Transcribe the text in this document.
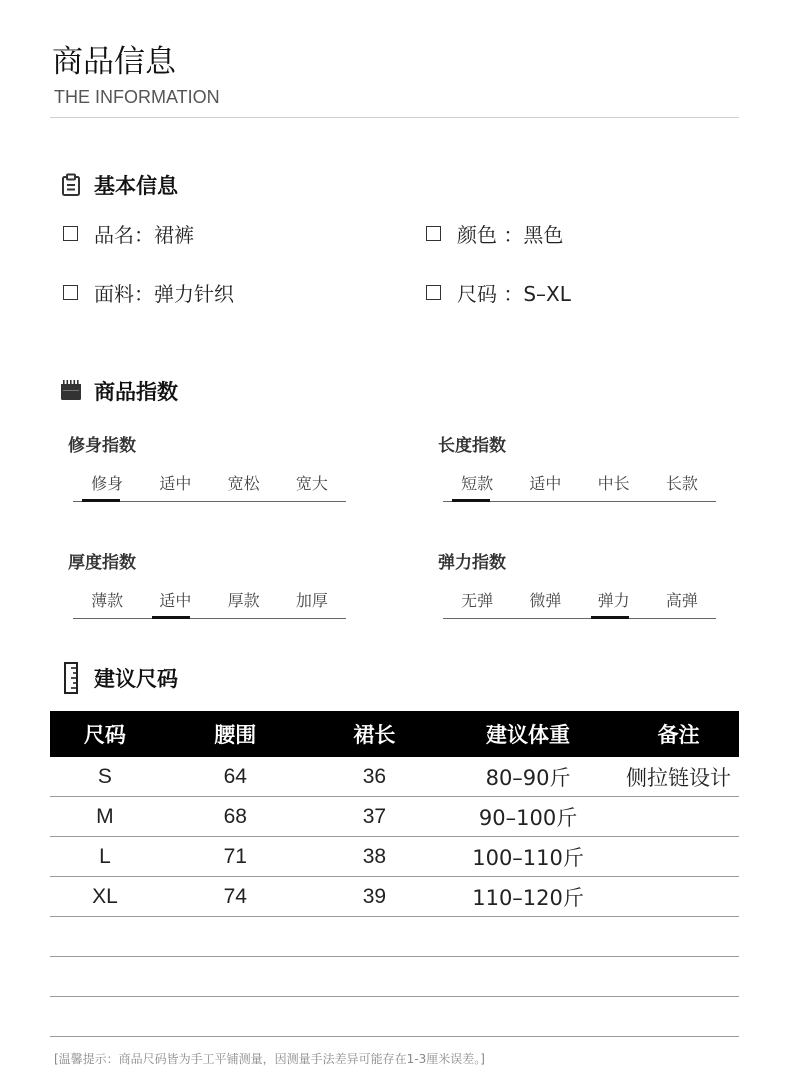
商品信息
THE INFORMATION
基本信息
品名：裙裤	颜色 ：黑色
面料：弹力针织	尺码 ：S–XL
商品指数
修身指数
修身	适中	宽松	宽大
长度指数
短款	适中	中长	长款
厚度指数
薄款	适中	厚款	加厚
弹力指数
无弹	微弹	弹力	高弹
建议尺码
尺码	腰围	裙长	建议体重	备注
S	64	36	80–90斤	侧拉链设计
M	68	37	90–100斤	
L	71	38	100–110斤	
XL	74	39	110–120斤	

[温馨提示：商品尺码皆为手工平铺测量，因测量手法差异可能存在1-3厘米误差。]
